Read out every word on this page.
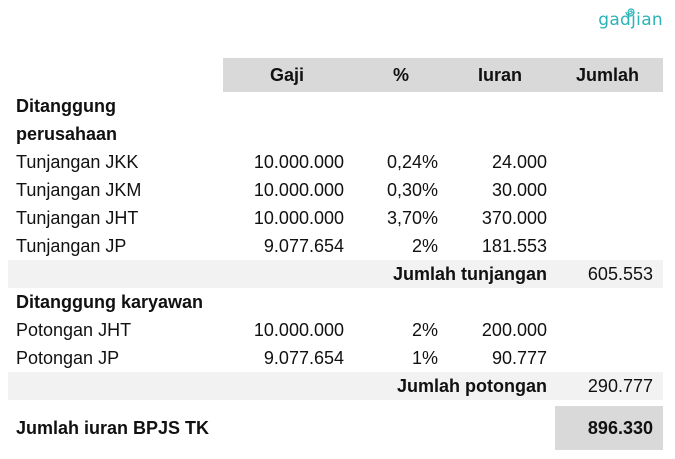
gadjian
Gaji	%	Iuran	Jumlah
Ditanggung
perusahaan
Tunjangan JKK	10.000.000 0,24%	24.000
Tunjangan JKM	10.000.000 0,30%	30.000
Tunjangan JHT	10.000.000 3,70% 370.000
Tunjangan JP	9.077.654	2% 181.553
Jumlah tunjangan 605.553
Ditanggung karyawan
Potongan JHT	10.000.000	2% 200.000
Potongan JP	9.077.654	1%	90.777
Jumlah potongan 290.777
Jumlah iuran BPJS TK	896.330
